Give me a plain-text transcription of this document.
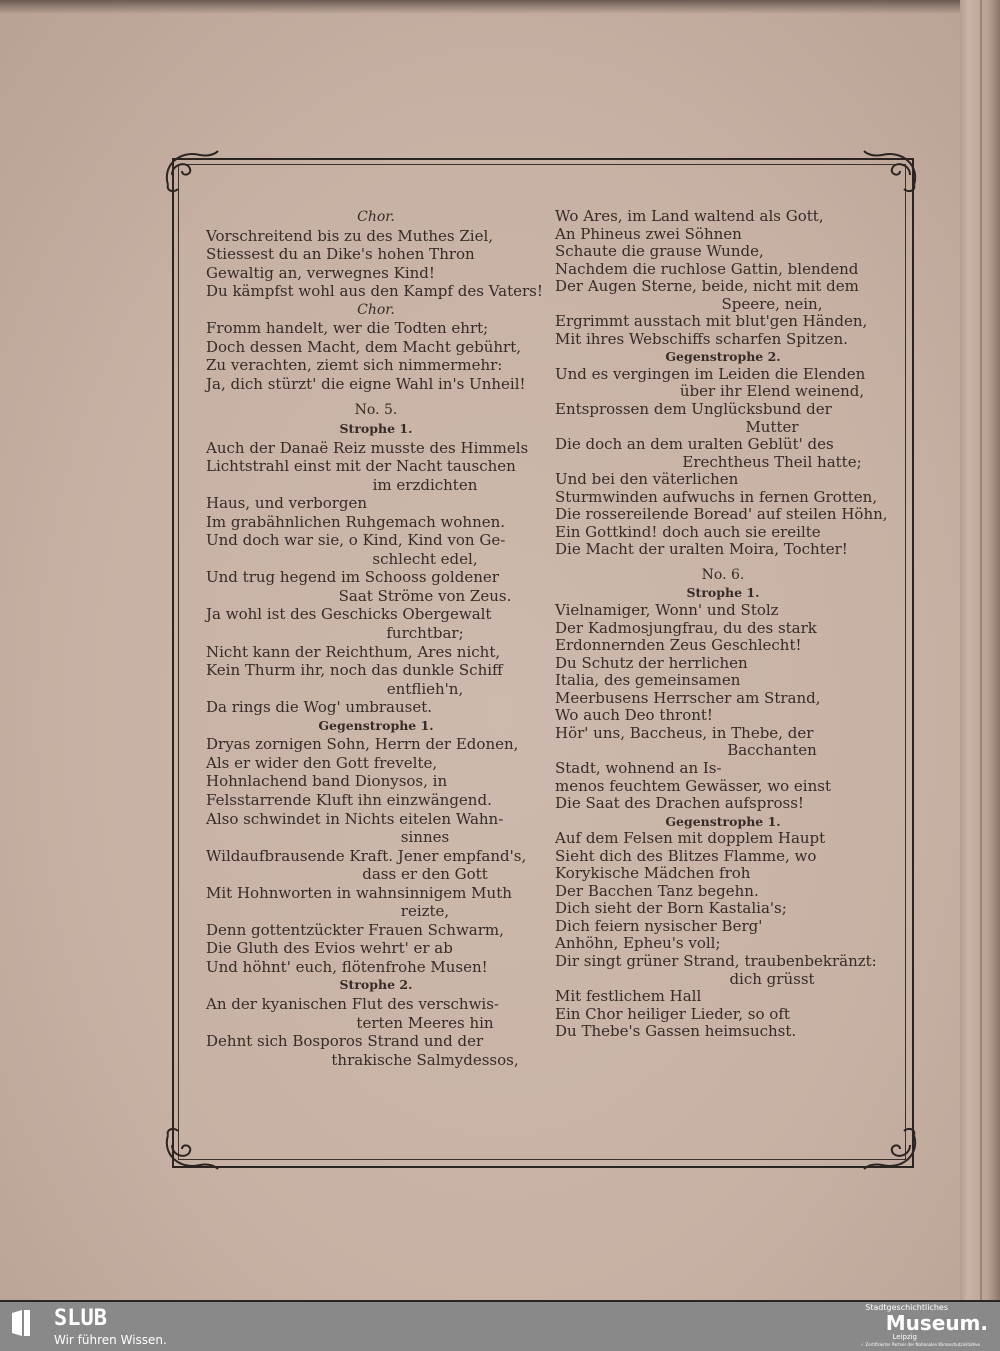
Chor.
Vorschreitend bis zu des Muthes Ziel,
Stiessest du an Dike's hohen Thron
Gewaltig an, verwegnes Kind!
Du kämpfst wohl aus den Kampf des Vaters!
Chor.
Fromm handelt, wer die Todten ehrt;
Doch dessen Macht, dem Macht gebührt,
Zu verachten, ziemt sich nimmermehr:
Ja, dich stürzt' die eigne Wahl in's Unheil!
No. 5.
Strophe 1.
Auch der Danaë Reiz musste des Himmels
Lichtstrahl einst mit der Nacht tauschen
im erzdichten
Haus, und verborgen
Im grabähnlichen Ruhgemach wohnen.
Und doch war sie, o Kind, Kind von Ge-
schlecht edel,
Und trug hegend im Schooss goldener
Saat Ströme von Zeus.
Ja wohl ist des Geschicks Obergewalt
furchtbar;
Nicht kann der Reichthum, Ares nicht,
Kein Thurm ihr, noch das dunkle Schiff
entflieh'n,
Da rings die Wog' umbrauset.
Gegenstrophe 1.
Dryas zornigen Sohn, Herrn der Edonen,
Als er wider den Gott frevelte,
Hohnlachend band Dionysos, in
Felsstarrende Kluft ihn einzwängend.
Also schwindet in Nichts eitelen Wahn-
sinnes
Wildaufbrausende Kraft. Jener empfand's,
dass er den Gott
Mit Hohnworten in wahnsinnigem Muth
reizte,
Denn gottentzückter Frauen Schwarm,
Die Gluth des Evios wehrt' er ab
Und höhnt' euch, flötenfrohe Musen!
Strophe 2.
An der kyanischen Flut des verschwis-
terten Meeres hin
Dehnt sich Bosporos Strand und der
thrakische Salmydessos,
Wo Ares, im Land waltend als Gott,
An Phineus zwei Söhnen
Schaute die grause Wunde,
Nachdem die ruchlose Gattin, blendend
Der Augen Sterne, beide, nicht mit dem
Speere, nein,
Ergrimmt ausstach mit blut'gen Händen,
Mit ihres Webschiffs scharfen Spitzen.
Gegenstrophe 2.
Und es vergingen im Leiden die Elenden
über ihr Elend weinend,
Entsprossen dem Unglücksbund der
Mutter
Die doch an dem uralten Geblüt' des
Erechtheus Theil hatte;
Und bei den väterlichen
Sturmwinden aufwuchs in fernen Grotten,
Die rossereilende Boread' auf steilen Höhn,
Ein Gottkind! doch auch sie ereilte
Die Macht der uralten Moira, Tochter!
No. 6.
Strophe 1.
Vielnamiger, Wonn' und Stolz
Der Kadmosjungfrau, du des stark
Erdonnernden Zeus Geschlecht!
Du Schutz der herrlichen
Italia, des gemeinsamen
Meerbusens Herrscher am Strand,
Wo auch Deo thront!
Hör' uns, Baccheus, in Thebe, der
Bacchanten
Stadt, wohnend an Is-
menos feuchtem Gewässer, wo einst
Die Saat des Drachen aufspross!
Gegenstrophe 1.
Auf dem Felsen mit dopplem Haupt
Sieht dich des Blitzes Flamme, wo
Korykische Mädchen froh
Der Bacchen Tanz begehn.
Dich sieht der Born Kastalia's;
Dich feiern nysischer Berg'
Anhöhn, Epheu's voll;
Dir singt grüner Strand, traubenbekränzt:
dich grüsst
Mit festlichem Hall
Ein Chor heiliger Lieder, so oft
Du Thebe's Gassen heimsuchst.
SLUB
Wir führen Wissen.
Stadtgeschichtliches
Museum.
Leipzig
✓ Zertifizierter Partner der Nationalen Klimaschutzinitiative
